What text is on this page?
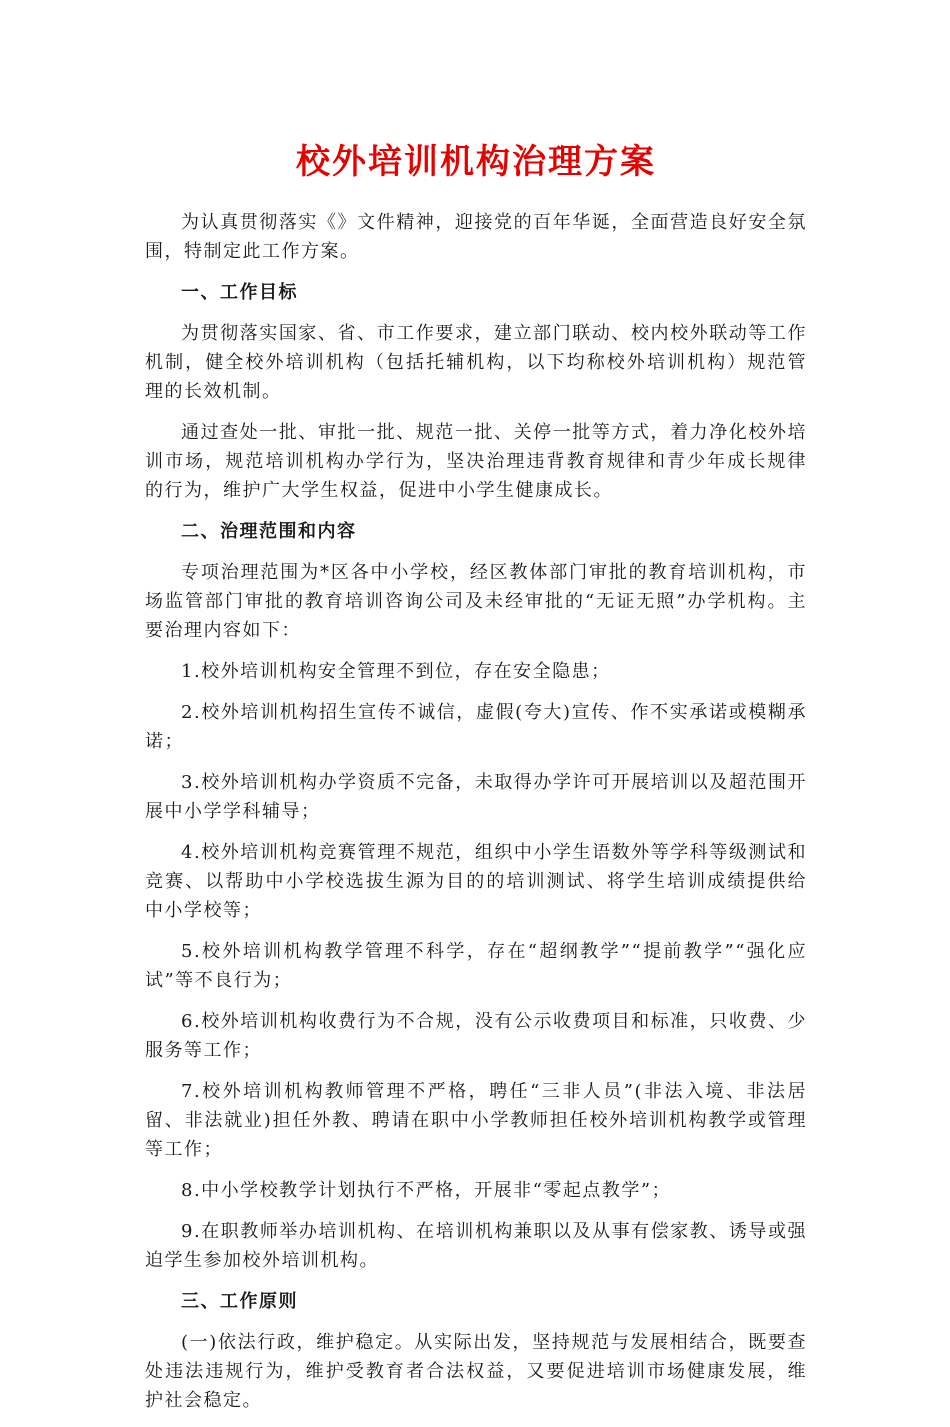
校外培训机构治理方案

为认真贯彻落实《》文件精神，迎接党的百年华诞，全面营造良好安全氛围，特制定此工作方案。

一、工作目标

为贯彻落实国家、省、市工作要求，建立部门联动、校内校外联动等工作机制，健全校外培训机构（包括托辅机构，以下均称校外培训机构）规范管理的长效机制。

通过查处一批、审批一批、规范一批、关停一批等方式，着力净化校外培训市场，规范培训机构办学行为，坚决治理违背教育规律和青少年成长规律的行为，维护广大学生权益，促进中小学生健康成长。

二、治理范围和内容

专项治理范围为*区各中小学校，经区教体部门审批的教育培训机构，市场监管部门审批的教育培训咨询公司及未经审批的“无证无照”办学机构。主要治理内容如下：

1.校外培训机构安全管理不到位，存在安全隐患；

2.校外培训机构招生宣传不诚信，虚假(夸大)宣传、作不实承诺或模糊承诺；

3.校外培训机构办学资质不完备，未取得办学许可开展培训以及超范围开展中小学学科辅导；

4.校外培训机构竞赛管理不规范，组织中小学生语数外等学科等级测试和竞赛、以帮助中小学校选拔生源为目的的培训测试、将学生培训成绩提供给中小学校等；

5.校外培训机构教学管理不科学，存在“超纲教学”“提前教学”“强化应试”等不良行为；

6.校外培训机构收费行为不合规，没有公示收费项目和标准，只收费、少服务等工作；

7.校外培训机构教师管理不严格，聘任“三非人员”(非法入境、非法居留、非法就业)担任外教、聘请在职中小学教师担任校外培训机构教学或管理等工作；

8.中小学校教学计划执行不严格，开展非“零起点教学”；

9.在职教师举办培训机构、在培训机构兼职以及从事有偿家教、诱导或强迫学生参加校外培训机构。

三、工作原则

(一)依法行政，维护稳定。从实际出发，坚持规范与发展相结合，既要查处违法违规行为，维护受教育者合法权益，又要促进培训市场健康发展，维护社会稳定。
